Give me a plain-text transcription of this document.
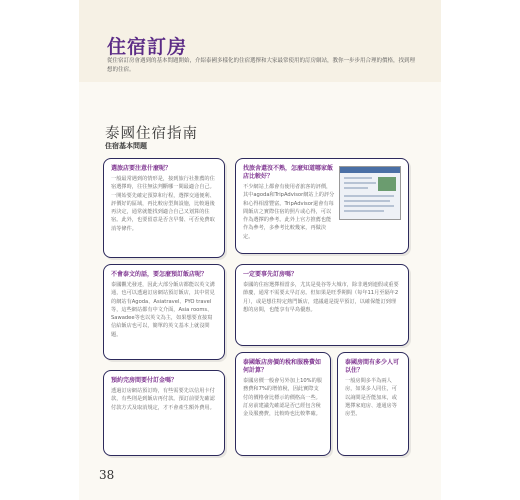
住宿訂房
從住宿訂房會遇到的基本問題開始，介紹泰國多樣化的住宿選擇和大家最常使用的訂房網站，教你一步步用合理的價格，找到理想的住宿。
泰國住宿指南
住宿基本問題
選旅店要注意什麼呢？
一般最常遇到的情形是，接到旅行社推薦的住宿選擇時，往往無法判斷哪一間最適合自己。一開始要先確定預算和行程，選擇交通便利、評價好的區域，再比較房型與設施，比較過後再決定，通常就能找到適合自己又划算的住宿。此外，也要留意是否含早餐、可否免費取消等條件。
找旅舍還沒不熟，怎麼知道哪家飯店比較好？
不少網站上都會有使用者旅客的評價，其中agoda和TripAdvisor網站上的評分和心得相當豐富。TripAdvisor還會有每間飯店之實際住宿的照片或心得，可以作為選擇的參考。此外上官方推薦也能作為參考，多參考比較幾家，再做決定。
不會泰文的話，要怎麼預訂飯店呢？
泰國觀光發達，因此大部分飯店都能以英文溝通，也可以透過訂房網站預訂飯店，其中常見的網站有Agoda、Asiatravel、PYO travel等，這些網站都有中文介面，Asia rooms、Sawadee等也以英文為主，如果想要直接寫信給飯店也可以，簡單的英文基本上就沒問題。
一定要事先訂房嗎？
泰國的住宿選擇相當多，尤其是曼谷等大城市，除非遇到連假或重要節慶，通常不需要太早訂房。但如果是旺季期間（每年11月至隔年2月），或是想住特定熱門飯店，建議還是提早預訂，以確保能訂到理想的房間，也能享有早鳥優惠。
預約完房間要付訂金嗎？
透過訂房網站預訂時，有些需要先以信用卡付款，有些則是到飯店再付款。預訂前要先確認付款方式及取消規定，才不會產生額外費用。
泰國飯店房價的稅和服務費如何計算？
泰國房價一般會另外加上10%的服務費和7%的增值稅，因此實際支付的價格會比標示的價格高一些。訂房前建議先確認是否已經包含稅金及服務費，比較時也比較準確。
泰國房間有多少人可以住？
一般房間多半為兩人房，如果多人同住，可以詢問是否能加床，或選擇家庭房、連通房等房型。
38
